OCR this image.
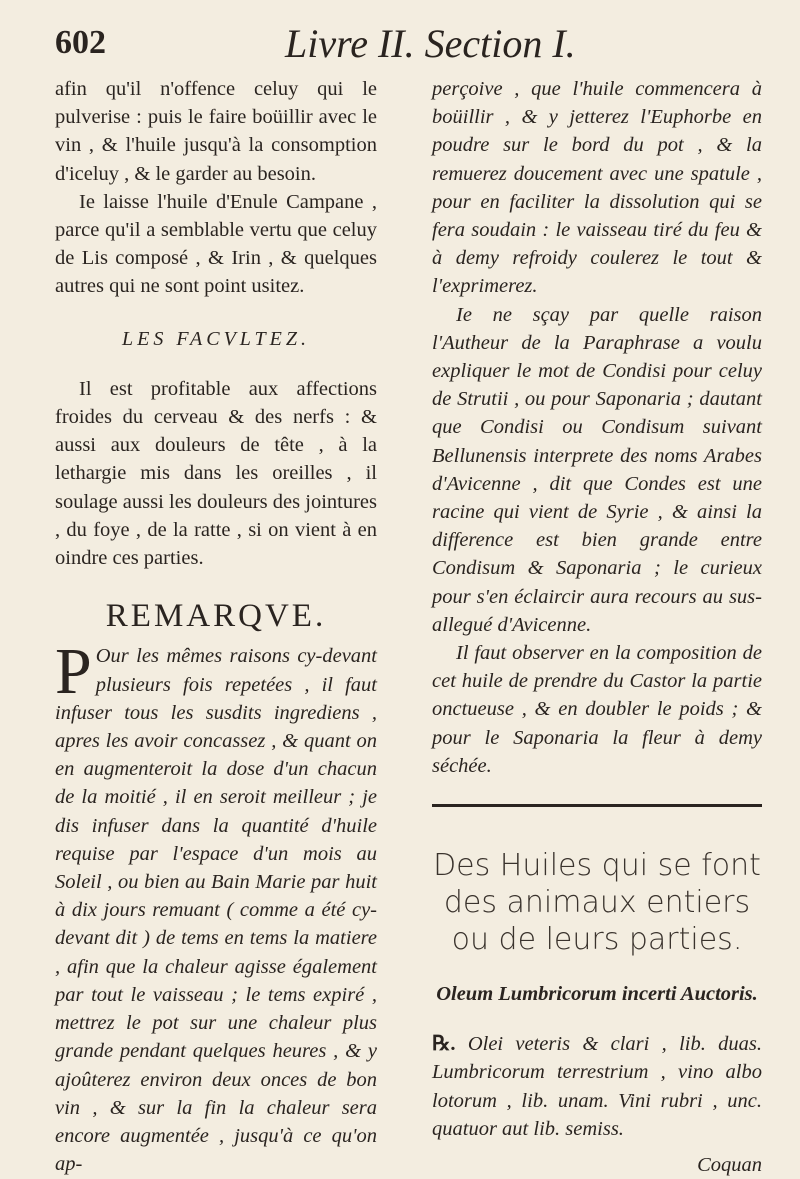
602	Livre II. Section I.

afin qu'il n'offence celuy qui le pulverise : puis le faire boüillir avec le vin , & l'huile jusqu'à la consomption d'iceluy , & le garder au besoin.

Ie laisse l'huile d'Enule Campane , parce qu'il a semblable vertu que celuy de Lis composé , & Irin , & quelques autres qui ne sont point usitez.

LES FACVLTEZ.

Il est profitable aux affections froides du cerveau & des nerfs : & aussi aux douleurs de tête , à la lethargie mis dans les oreilles , il soulage aussi les douleurs des jointures , du foye , de la ratte , si on vient à en oindre ces parties.

REMARQVE.

P Our les mêmes raisons cy-devant plusieurs fois repetées , il faut infuser tous les susdits ingrediens , apres les avoir concassez , & quant on en augmenteroit la dose d'un chacun de la moitié , il en seroit meilleur ; je dis infuser dans la quantité d'huile requise par l'espace d'un mois au Soleil , ou bien au Bain Marie par huit à dix jours remuant ( comme a été cy-devant dit ) de tems en tems la matiere , afin que la chaleur agisse également par tout le vaisseau ; le tems expiré , mettrez le pot sur une chaleur plus grande pendant quelques heures , & y ajoûterez environ deux onces de bon vin , & sur la fin la chaleur sera encore augmentée , jusqu'à ce qu'on ap-

perçoive , que l'huile commencera à boüillir , & y jetterez l'Euphorbe en poudre sur le bord du pot , & la remuerez doucement avec une spatule , pour en faciliter la dissolution qui se fera soudain : le vaisseau tiré du feu & à demy refroidy coulerez le tout & l'exprimerez.

Ie ne sçay par quelle raison l'Autheur de la Paraphrase a voulu expliquer le mot de Condisi pour celuy de Strutii , ou pour Saponaria ; dautant que Condisi ou Condisum suivant Bellunensis interprete des noms Arabes d'Avicenne , dit que Condes est une racine qui vient de Syrie , & ainsi la difference est bien grande entre Condisum & Saponaria ; le curieux pour s'en éclaircir aura recours au sus-allegué d'Avicenne.

Il faut observer en la composition de cet huile de prendre du Castor la partie onctueuse , & en doubler le poids ; & pour le Saponaria la fleur à demy séchée.

Des Huiles qui se font des animaux entiers ou de leurs parties.
Oleum Lumbricorum incerti Auctoris.

℞. Olei veteris & clari , lib. duas. Lumbricorum terrestrium , vino albo lotorum , lib. unam. Vini rubri , unc. quatuor aut lib. semiss.

Coquan
